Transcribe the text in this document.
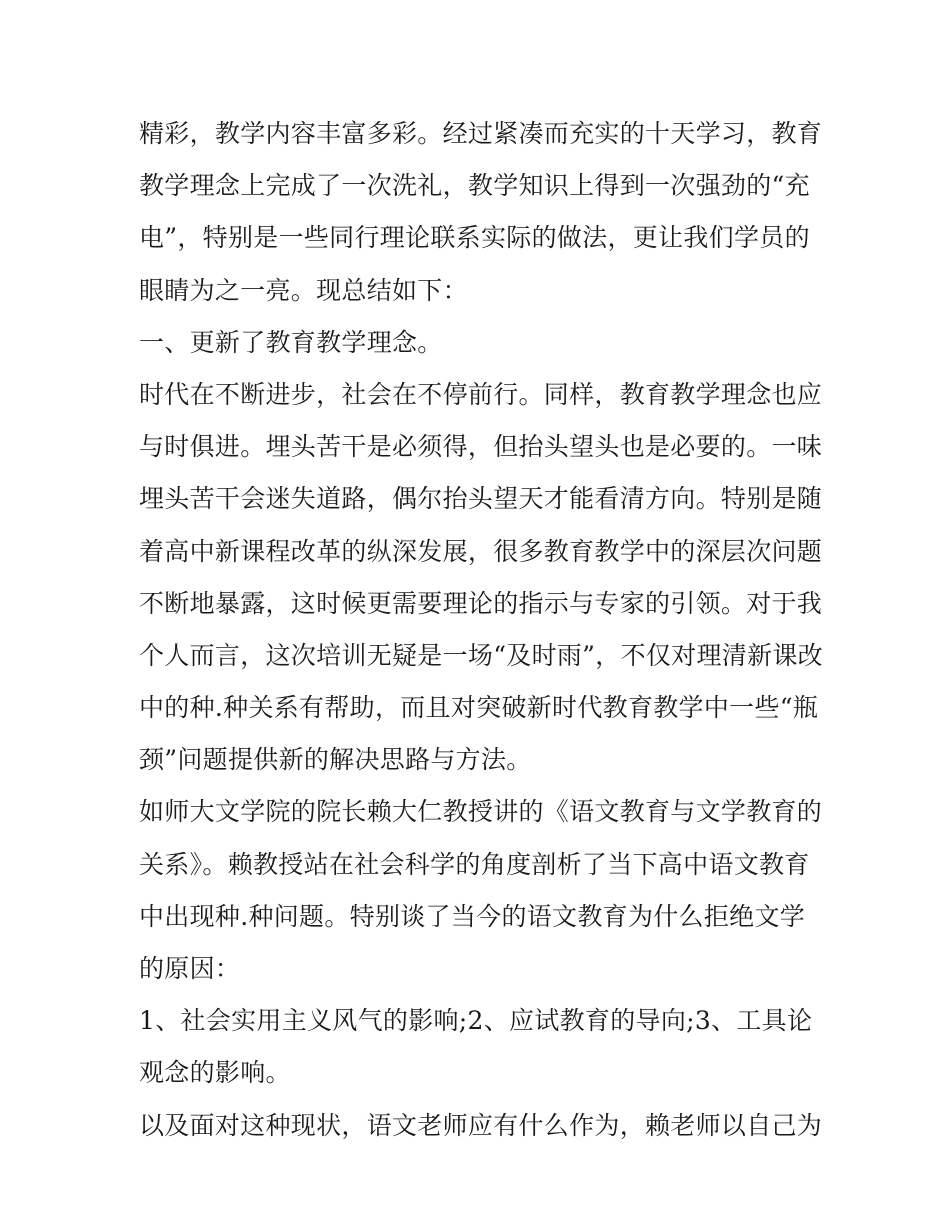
精彩，教学内容丰富多彩。经过紧凑而充实的十天学习，教育
教学理念上完成了一次洗礼，教学知识上得到一次强劲的“充
电”，特别是一些同行理论联系实际的做法，更让我们学员的
眼睛为之一亮。现总结如下：
一、更新了教育教学理念。
时代在不断进步，社会在不停前行。同样，教育教学理念也应
与时俱进。埋头苦干是必须得，但抬头望头也是必要的。一味
埋头苦干会迷失道路，偶尔抬头望天才能看清方向。特别是随
着高中新课程改革的纵深发展，很多教育教学中的深层次问题
不断地暴露，这时候更需要理论的指示与专家的引领。对于我
个人而言，这次培训无疑是一场“及时雨”，不仅对理清新课改
中的种.种关系有帮助，而且对突破新时代教育教学中一些“瓶
颈”问题提供新的解决思路与方法。
如师大文学院的院长赖大仁教授讲的《语文教育与文学教育的
关系》。赖教授站在社会科学的角度剖析了当下高中语文教育
中出现种.种问题。特别谈了当今的语文教育为什么拒绝文学
的原因：
1、社会实用主义风气的影响;2、应试教育的导向;3、工具论
观念的影响。
以及面对这种现状，语文老师应有什么作为，赖老师以自己为
